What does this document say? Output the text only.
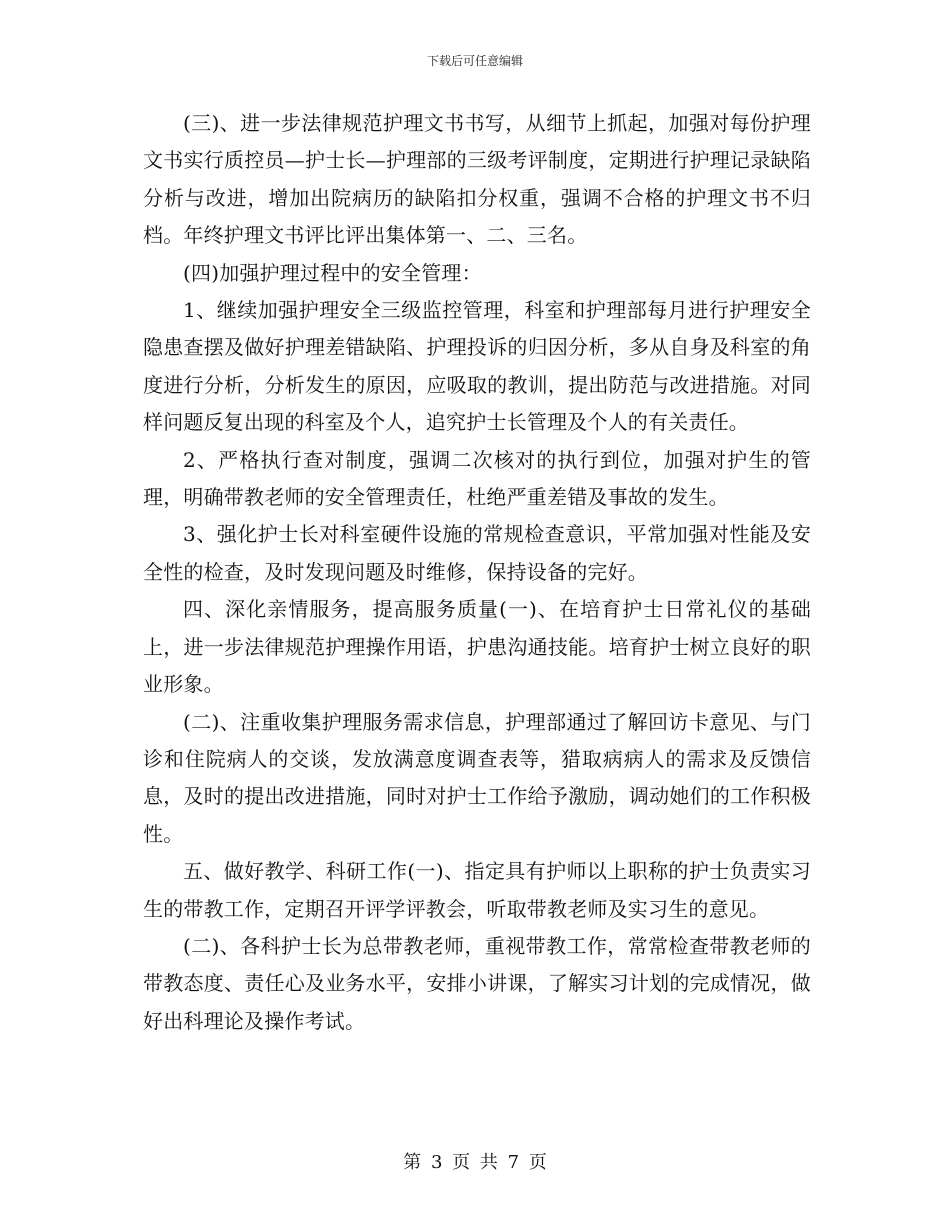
下载后可任意编辑

(三)、进一步法律规范护理文书书写，从细节上抓起，加强对每份护理文书实行质控员—护士长—护理部的三级考评制度，定期进行护理记录缺陷分析与改进，增加出院病历的缺陷扣分权重，强调不合格的护理文书不归档。年终护理文书评比评出集体第一、二、三名。

(四)加强护理过程中的安全管理：

1、继续加强护理安全三级监控管理，科室和护理部每月进行护理安全隐患查摆及做好护理差错缺陷、护理投诉的归因分析，多从自身及科室的角度进行分析，分析发生的原因，应吸取的教训，提出防范与改进措施。对同样问题反复出现的科室及个人，追究护士长管理及个人的有关责任。

2、严格执行查对制度，强调二次核对的执行到位，加强对护生的管理，明确带教老师的安全管理责任，杜绝严重差错及事故的发生。

3、强化护士长对科室硬件设施的常规检查意识，平常加强对性能及安全性的检查，及时发现问题及时维修，保持设备的完好。

四、深化亲情服务，提高服务质量(一)、在培育护士日常礼仪的基础上，进一步法律规范护理操作用语，护患沟通技能。培育护士树立良好的职业形象。

(二)、注重收集护理服务需求信息，护理部通过了解回访卡意见、与门诊和住院病人的交谈，发放满意度调查表等，猎取病病人的需求及反馈信息，及时的提出改进措施，同时对护士工作给予激励，调动她们的工作积极性。

五、做好教学、科研工作(一)、指定具有护师以上职称的护士负责实习生的带教工作，定期召开评学评教会，听取带教老师及实习生的意见。

(二)、各科护士长为总带教老师，重视带教工作，常常检查带教老师的带教态度、责任心及业务水平，安排小讲课，了解实习计划的完成情况，做好出科理论及操作考试。

第 3 页 共 7 页
